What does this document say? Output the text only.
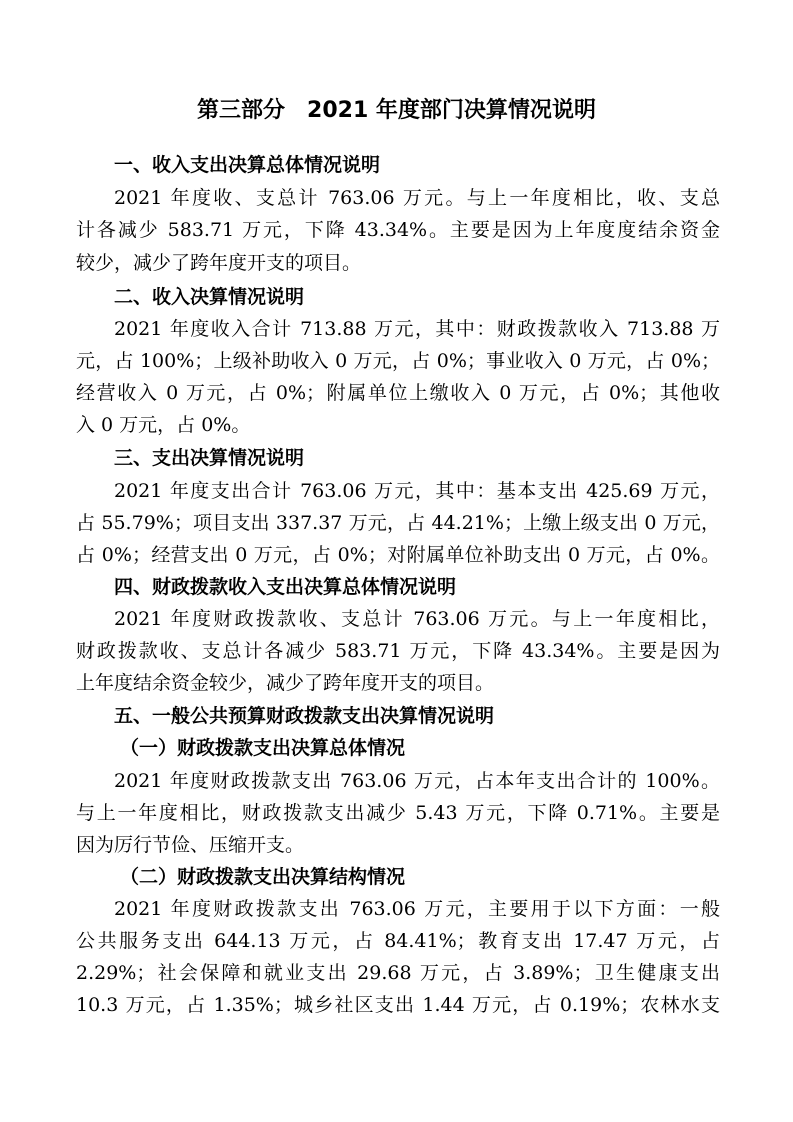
第三部分　2021 年度部门决算情况说明
一、收入支出决算总体情况说明
2021 年度收、支总计 763.06 万元。与上一年度相比，收、支总
计各减少 583.71 万元，下降 43.34%。主要是因为上年度度结余资金
较少，减少了跨年度开支的项目。
二、收入决算情况说明
2021 年度收入合计 713.88 万元，其中：财政拨款收入 713.88 万
元，占 100%；上级补助收入 0 万元，占 0%；事业收入 0 万元，占 0%；
经营收入 0 万元，占 0%；附属单位上缴收入 0 万元，占 0%；其他收
入 0 万元，占 0%。
三、支出决算情况说明
2021 年度支出合计 763.06 万元，其中：基本支出 425.69 万元，
占 55.79%；项目支出 337.37 万元，占 44.21%；上缴上级支出 0 万元，
占 0%；经营支出 0 万元，占 0%；对附属单位补助支出 0 万元，占 0%。
四、财政拨款收入支出决算总体情况说明
2021 年度财政拨款收、支总计 763.06 万元。与上一年度相比，
财政拨款收、支总计各减少 583.71 万元，下降 43.34%。主要是因为
上年度结余资金较少，减少了跨年度开支的项目。
五、一般公共预算财政拨款支出决算情况说明
（一）财政拨款支出决算总体情况
2021 年度财政拨款支出 763.06 万元，占本年支出合计的 100%。
与上一年度相比，财政拨款支出减少 5.43 万元，下降 0.71%。主要是
因为厉行节俭、压缩开支。
（二）财政拨款支出决算结构情况
2021 年度财政拨款支出 763.06 万元，主要用于以下方面：一般
公共服务支出 644.13 万元，占 84.41%；教育支出 17.47 万元，占
2.29%；社会保障和就业支出 29.68 万元，占 3.89%；卫生健康支出
10.3 万元，占 1.35%；城乡社区支出 1.44 万元，占 0.19%；农林水支
